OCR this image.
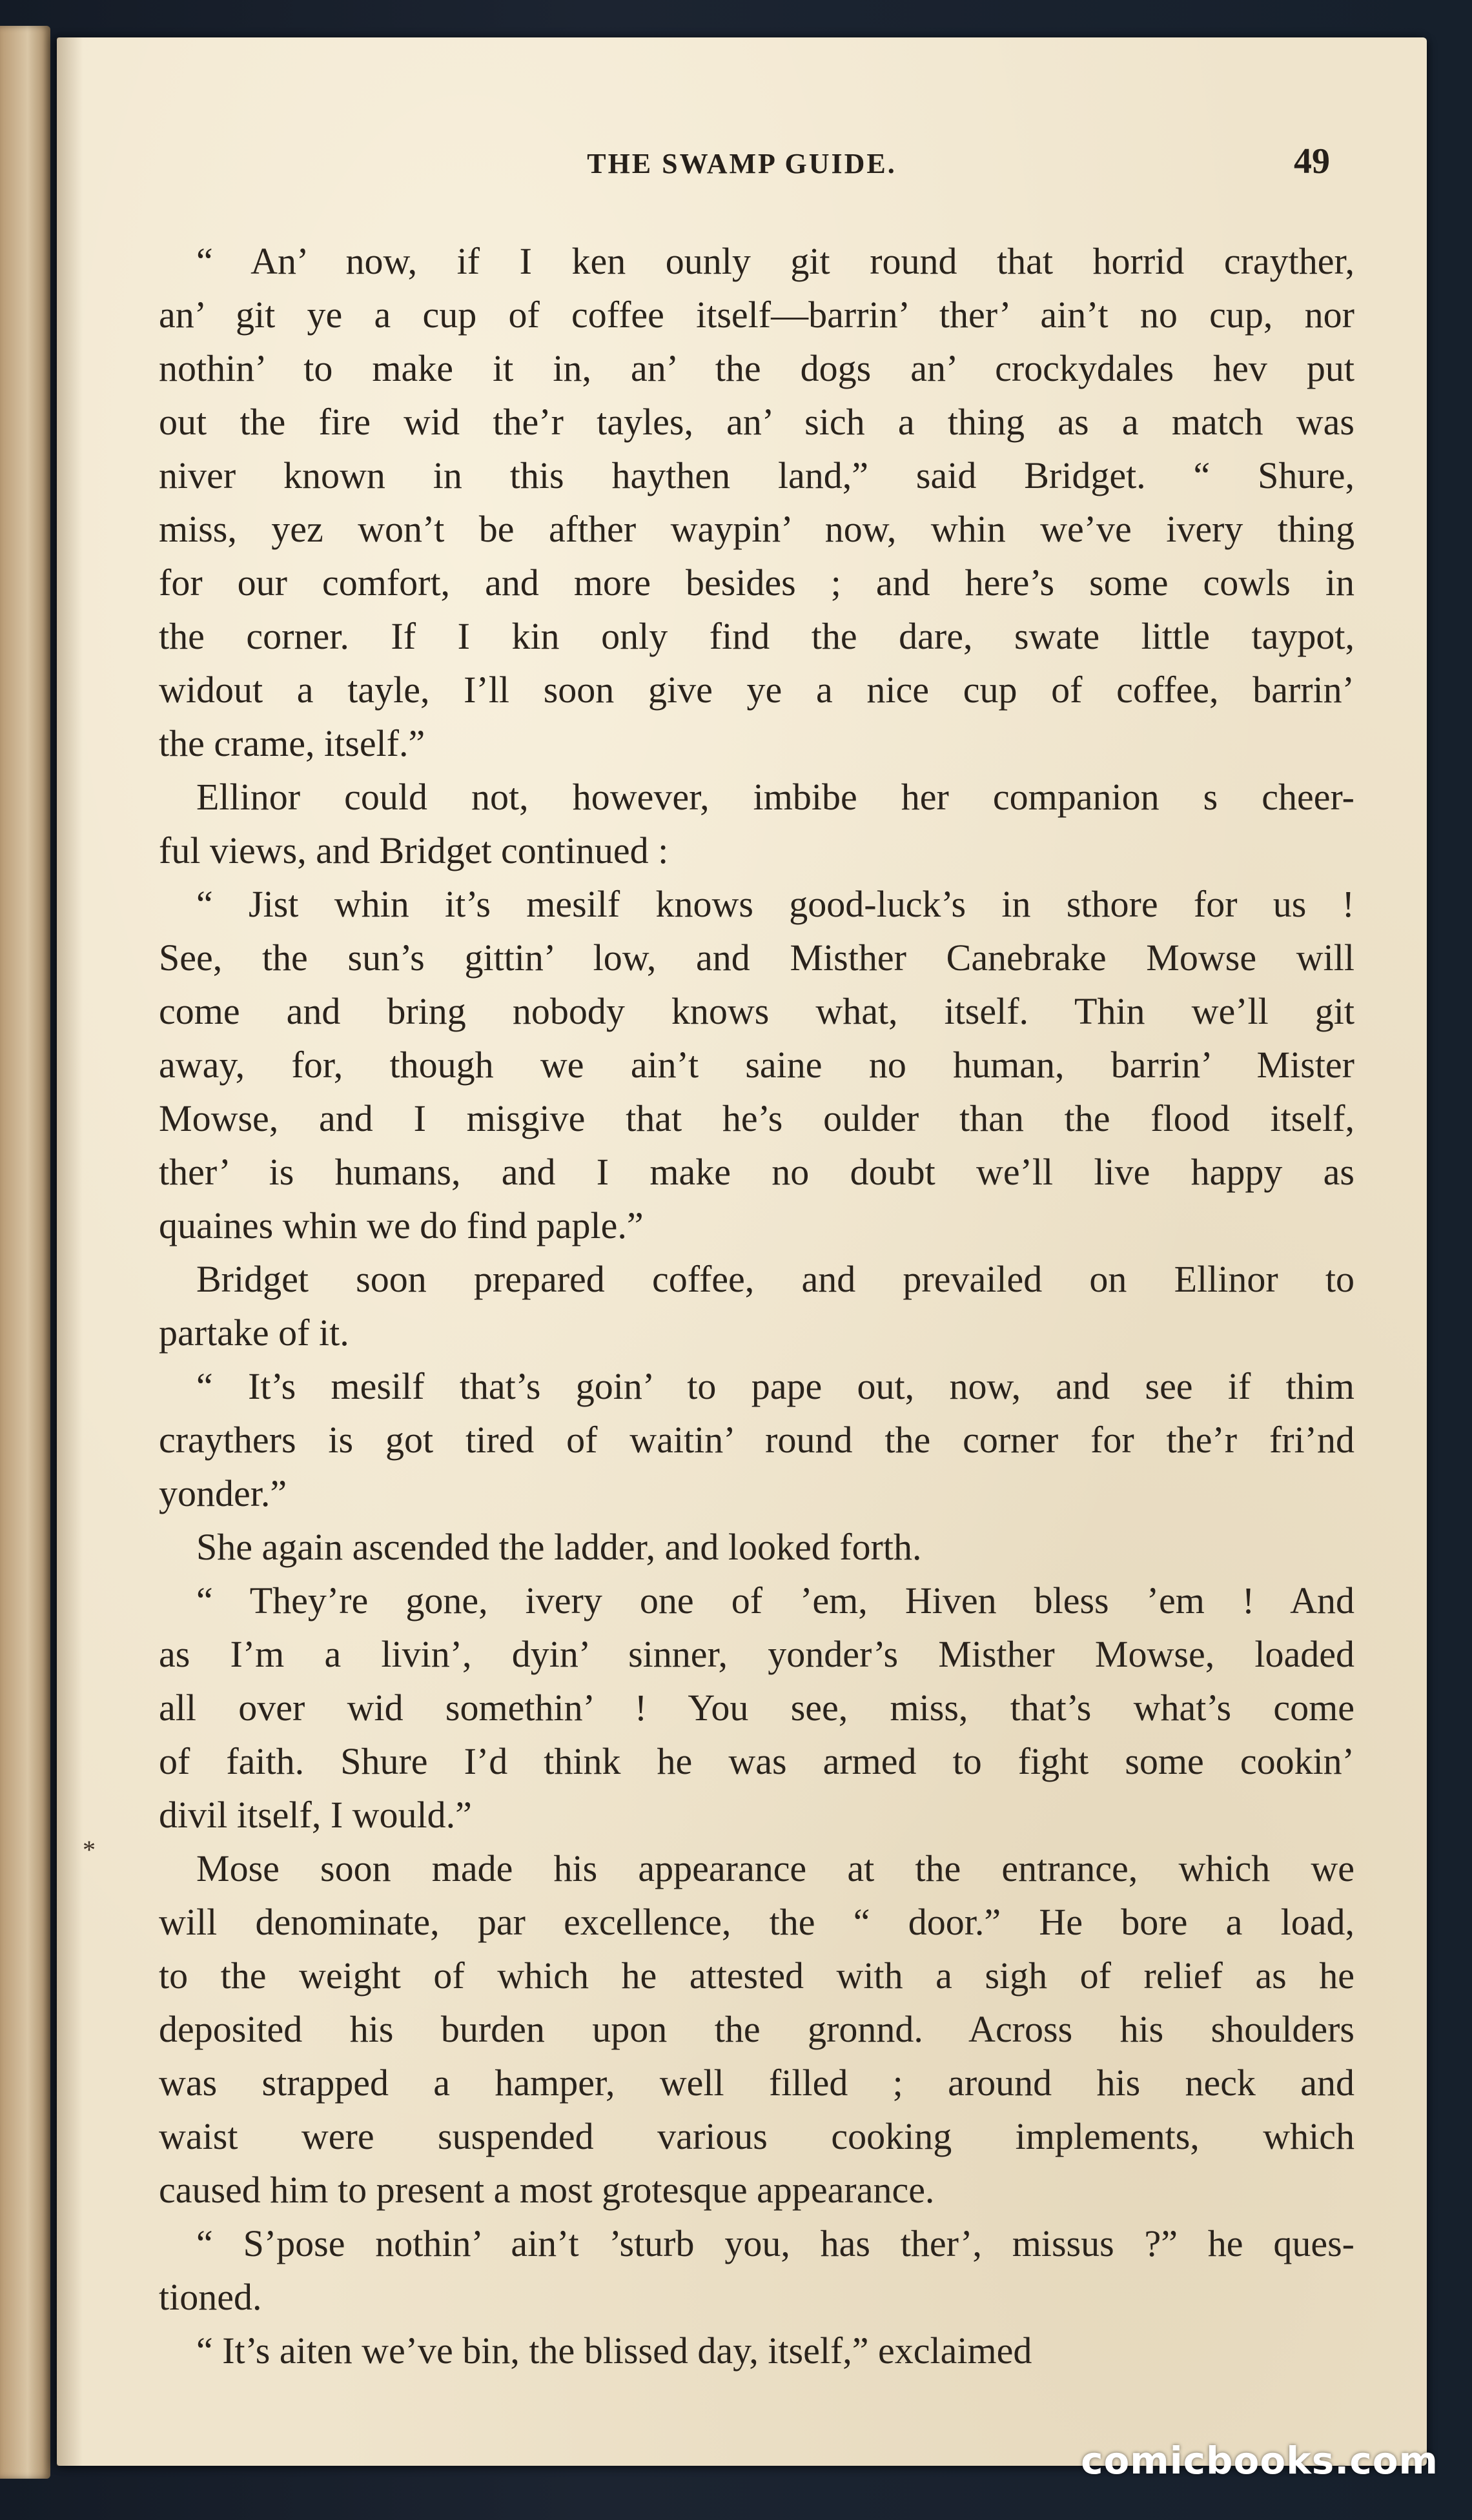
THE SWAMP GUIDE.	49

“ An’ now, if I ken ounly git round that horrid crayther,
an’ git ye a cup of coffee itself—barrin’ ther’ ain’t no cup, nor
nothin’ to make it in, an’ the dogs an’ crockydales hev put
out the fire wid the’r tayles, an’ sich a thing as a match was
niver known in this haythen land,” said Bridget. “ Shure,
miss, yez won’t be afther waypin’ now, whin we’ve ivery thing
for our comfort, and more besides ; and here’s some cowls in
the corner. If I kin only find the dare, swate little taypot,
widout a tayle, I’ll soon give ye a nice cup of coffee, barrin’
the crame, itself.”

Ellinor could not, however, imbibe her companion s cheer-
ful views, and Bridget continued :

“ Jist whin it’s mesilf knows good-luck’s in sthore for us !
See, the sun’s gittin’ low, and Misther Canebrake Mowse will
come and bring nobody knows what, itself. Thin we’ll git
away, for, though we ain’t saine no human, barrin’ Mister
Mowse, and I misgive that he’s oulder than the flood itself,
ther’ is humans, and I make no doubt we’ll live happy as
quaines whin we do find paple.”

Bridget soon prepared coffee, and prevailed on Ellinor to
partake of it.

“ It’s mesilf that’s goin’ to pape out, now, and see if thim
craythers is got tired of waitin’ round the corner for the’r fri’nd
yonder.”

She again ascended the ladder, and looked forth.

“ They’re gone, ivery one of ’em, Hiven bless ’em ! And
as I’m a livin’, dyin’ sinner, yonder’s Misther Mowse, loaded
all over wid somethin’ ! You see, miss, that’s what’s come
of faith. Shure I’d think he was armed to fight some cookin’
divil itself, I would.”

Mose soon made his appearance at the entrance, which we
will denominate, par excellence, the “ door.” He bore a load,
to the weight of which he attested with a sigh of relief as he
deposited his burden upon the gronnd. Across his shoulders
was strapped a hamper, well filled ; around his neck and
waist were suspended various cooking implements, which
caused him to present a most grotesque appearance.

“ S’pose nothin’ ain’t ’sturb you, has ther’, missus ?” he ques-
tioned.

“ It’s aiten we’ve bin, the blissed day, itself,” exclaimed

*
comicbooks.com
